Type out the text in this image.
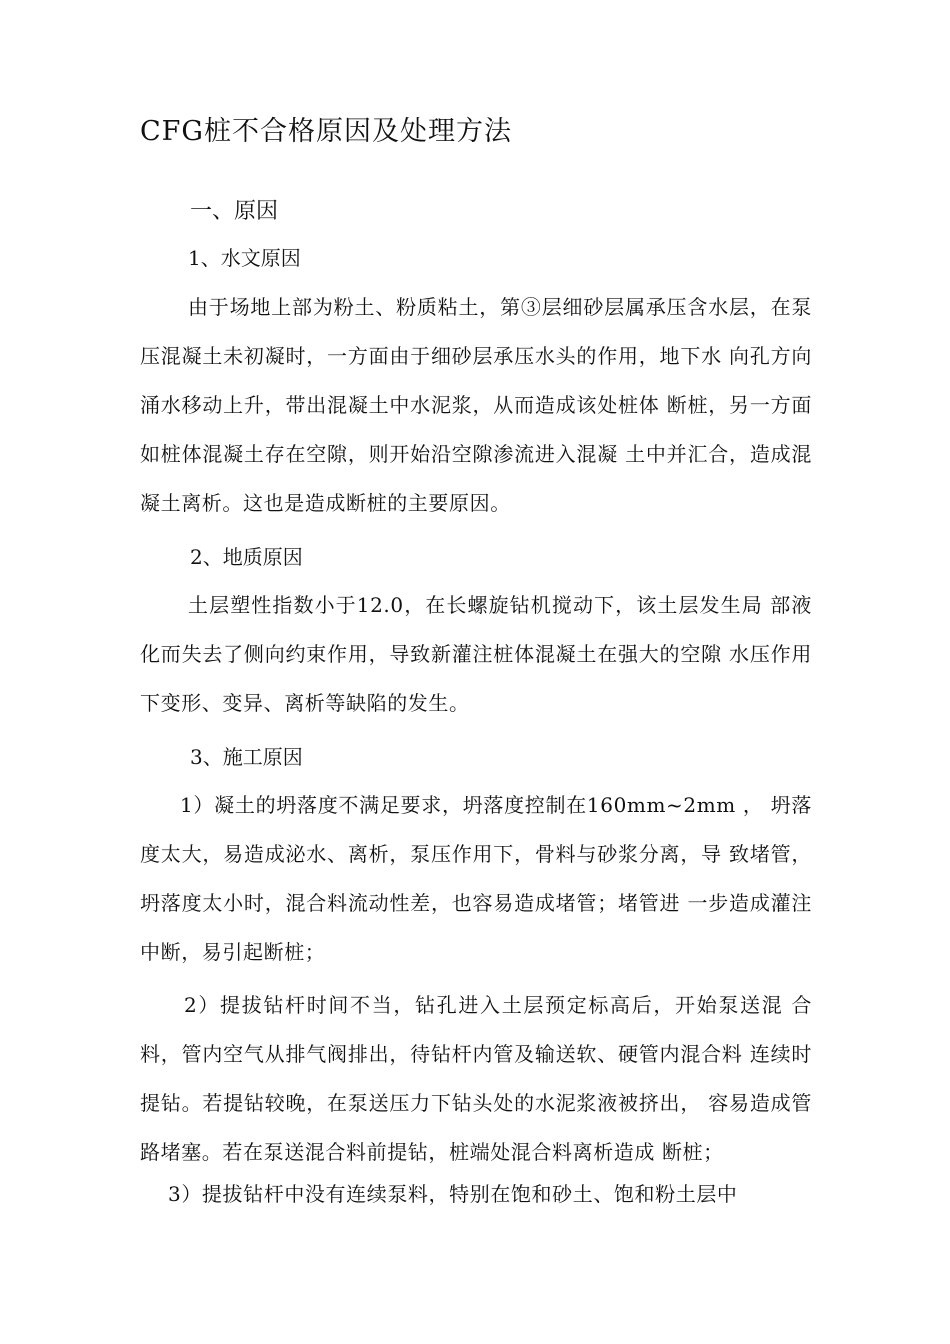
CFG桩不合格原因及处理方法
一、原因
1、水文原因

由于场地上部为粉土、粉质粘土，第③层细砂层属承压含水层，在泵压混凝土未初凝时，一方面由于细砂层承压水头的作用，地下水 向孔方向涌水移动上升，带出混凝土中水泥浆，从而造成该处桩体 断桩，另一方面如桩体混凝土存在空隙，则开始沿空隙渗流进入混凝 土中并汇合，造成混凝土离析。这也是造成断桩的主要原因。

2、地质原因

土层塑性指数小于12.0，在长螺旋钻机搅动下，该土层发生局 部液化而失去了侧向约束作用，导致新灌注桩体混凝土在强大的空隙 水压作用下变形、变异、离析等缺陷的发生。

3、施工原因

1）凝土的坍落度不满足要求，坍落度控制在160mm~2mm ， 坍落度太大，易造成泌水、离析，泵压作用下，骨料与砂浆分离，导 致堵管，坍落度太小时，混合料流动性差，也容易造成堵管；堵管进 一步造成灌注中断，易引起断桩；

2）提拔钻杆时间不当，钻孔进入土层预定标高后，开始泵送混 合料，管内空气从排气阀排出，待钻杆内管及输送软、硬管内混合料 连续时提钻。若提钻较晚，在泵送压力下钻头处的水泥浆液被挤出， 容易造成管路堵塞。若在泵送混合料前提钻，桩端处混合料离析造成 断桩；

3）提拔钻杆中没有连续泵料，特别在饱和砂土、饱和粉土层中
